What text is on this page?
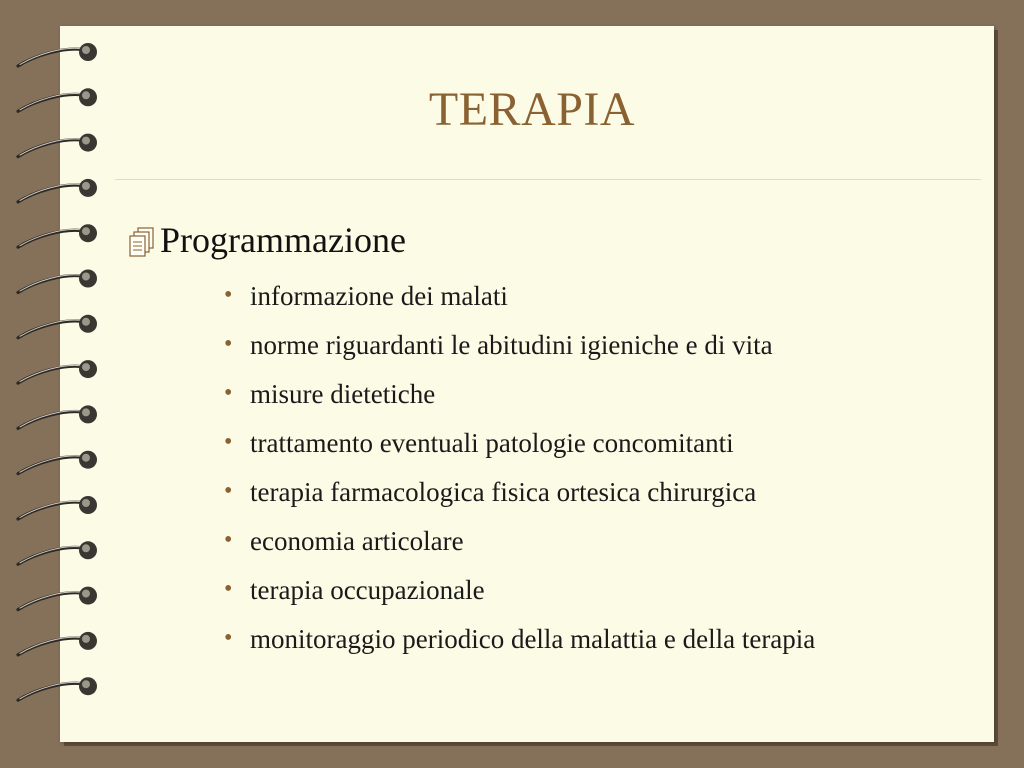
TERAPIA
Programmazione
• informazione dei malati
• norme riguardanti le abitudini igieniche e di vita
• misure dietetiche
• trattamento eventuali patologie concomitanti
• terapia farmacologica fisica ortesica chirurgica
• economia articolare
• terapia occupazionale
• monitoraggio periodico della malattia e della terapia
